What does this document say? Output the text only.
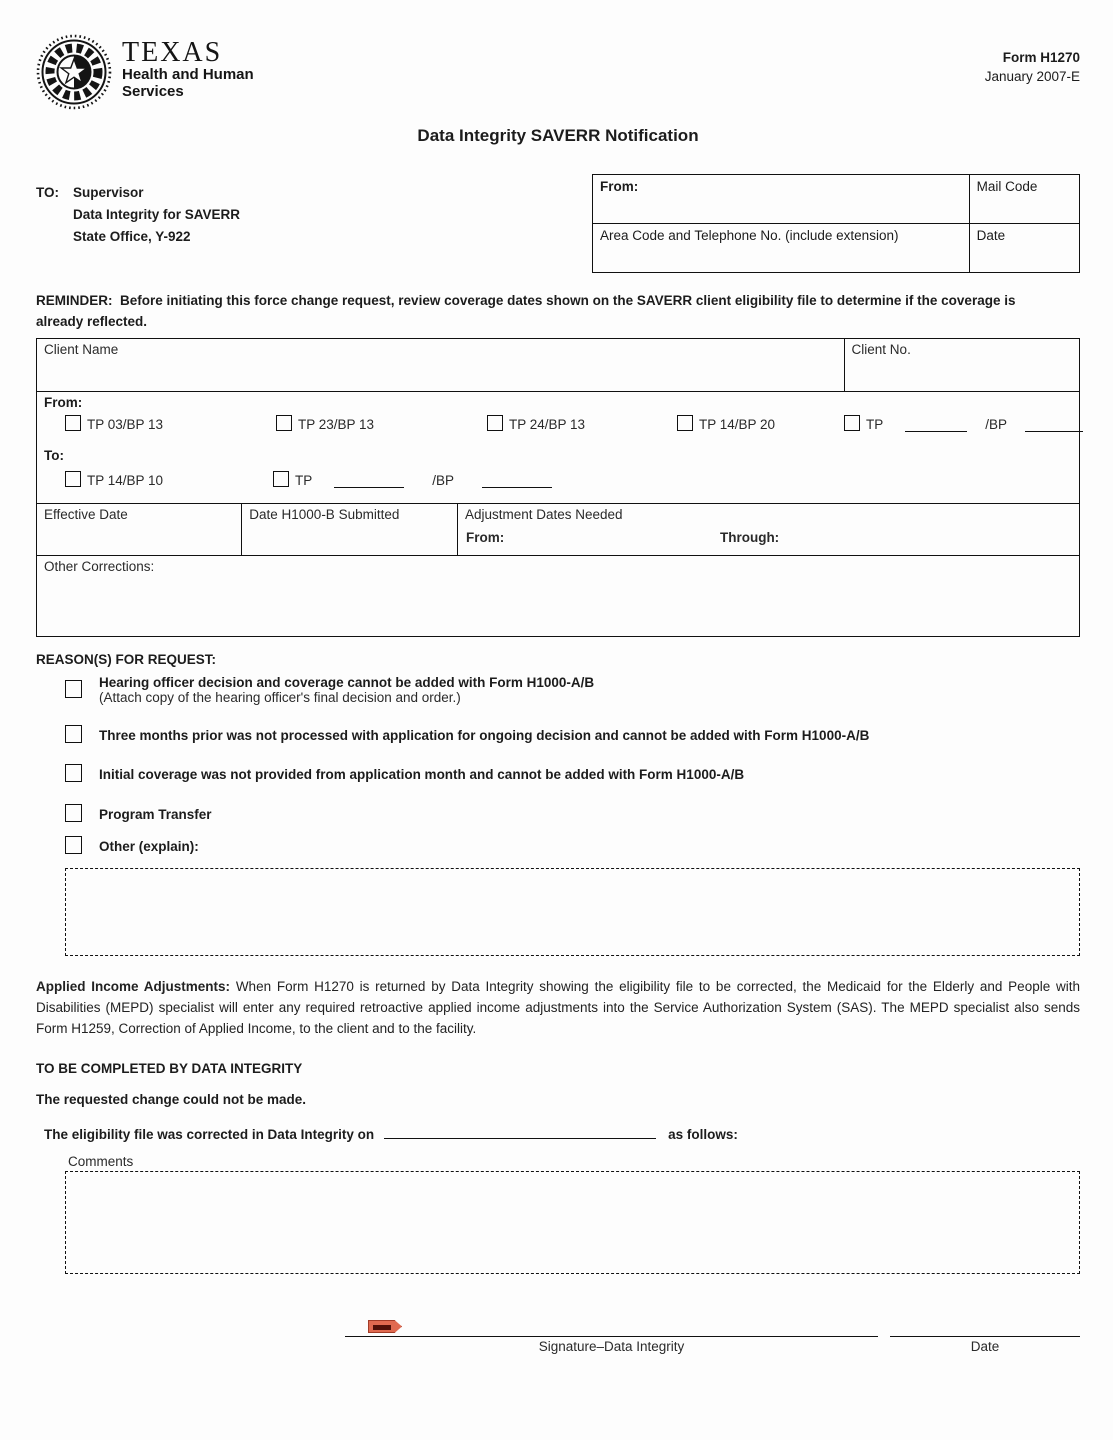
TEXAS
Health and Human
Services
Form H1270
January 2007-E
Data Integrity SAVERR Notification
TO: Supervisor
Data Integrity for SAVERR
State Office, Y-922
From:	Mail Code
Area Code and Telephone No. (include extension)	Date
REMINDER:  Before initiating this force change request, review coverage dates shown on the SAVERR client eligibility file to determine if the coverage is already reflected.
Client Name	Client No.
From:
TP 03/BP 13	TP 23/BP 13	TP 24/BP 13	TP 14/BP 20	TP	/BP
To:
TP 14/BP 10	TP	/BP
Effective Date	Date H1000-B Submitted	Adjustment Dates Needed
From:	Through:
Other Corrections:
REASON(S) FOR REQUEST:
Hearing officer decision and coverage cannot be added with Form H1000-A/B
(Attach copy of the hearing officer's final decision and order.)
Three months prior was not processed with application for ongoing decision and cannot be added with Form H1000-A/B
Initial coverage was not provided from application month and cannot be added with Form H1000-A/B
Program Transfer
Other (explain):
Applied Income Adjustments: When Form H1270 is returned by Data Integrity showing the eligibility file to be corrected, the Medicaid for the Elderly and People with Disabilities (MEPD) specialist will enter any required retroactive applied income adjustments into the Service Authorization System (SAS). The MEPD specialist also sends Form H1259, Correction of Applied Income, to the client and to the facility.
TO BE COMPLETED BY DATA INTEGRITY
The requested change could not be made.
The eligibility file was corrected in Data Integrity on	as follows:
Comments
Signature–Data Integrity	Date
